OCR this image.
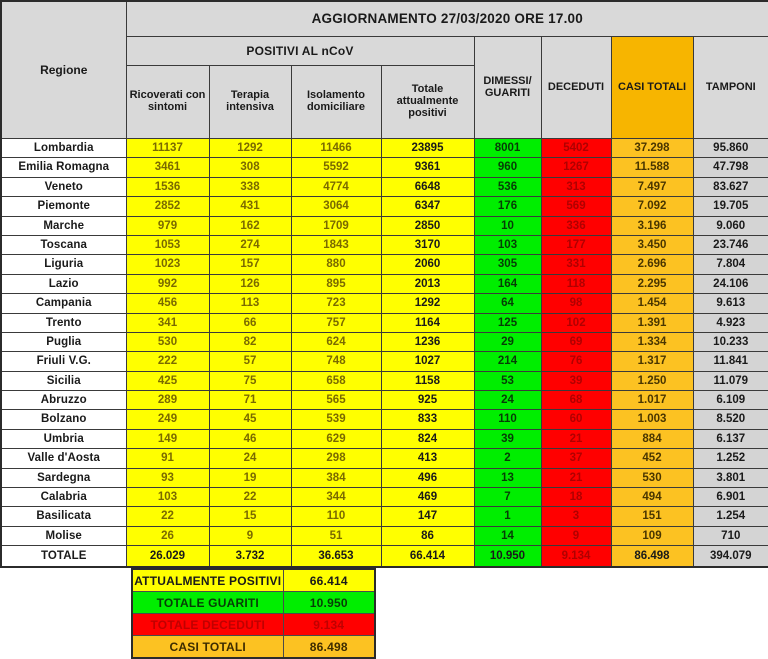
Regione	AGGIORNAMENTO 27/03/2020 ORE 17.00							
	POSITIVI AL nCoV				DIMESSI/ GUARITI	DECEDUTI	CASI TOTALI	TAMPONI
	Ricoverati con sintomi	Terapia intensiva	Isolamento domiciliare	Totale attualmente positivi				
Lombardia	11137	1292	11466	23895	8001	5402	37.298	95.860
Emilia Romagna	3461	308	5592	9361	960	1267	11.588	47.798
Veneto	1536	338	4774	6648	536	313	7.497	83.627
Piemonte	2852	431	3064	6347	176	569	7.092	19.705
Marche	979	162	1709	2850	10	336	3.196	9.060
Toscana	1053	274	1843	3170	103	177	3.450	23.746
Liguria	1023	157	880	2060	305	331	2.696	7.804
Lazio	992	126	895	2013	164	118	2.295	24.106
Campania	456	113	723	1292	64	98	1.454	9.613
Trento	341	66	757	1164	125	102	1.391	4.923
Puglia	530	82	624	1236	29	69	1.334	10.233
Friuli V.G.	222	57	748	1027	214	76	1.317	11.841
Sicilia	425	75	658	1158	53	39	1.250	11.079
Abruzzo	289	71	565	925	24	68	1.017	6.109
Bolzano	249	45	539	833	110	60	1.003	8.520
Umbria	149	46	629	824	39	21	884	6.137
Valle d'Aosta	91	24	298	413	2	37	452	1.252
Sardegna	93	19	384	496	13	21	530	3.801
Calabria	103	22	344	469	7	18	494	6.901
Basilicata	22	15	110	147	1	3	151	1.254
Molise	26	9	51	86	14	9	109	710
TOTALE	26.029	3.732	36.653	66.414	10.950	9.134	86.498	394.079
ATTUALMENTE POSITIVI	66.414
TOTALE GUARITI	10.950
TOTALE DECEDUTI	9.134
CASI TOTALI	86.498
